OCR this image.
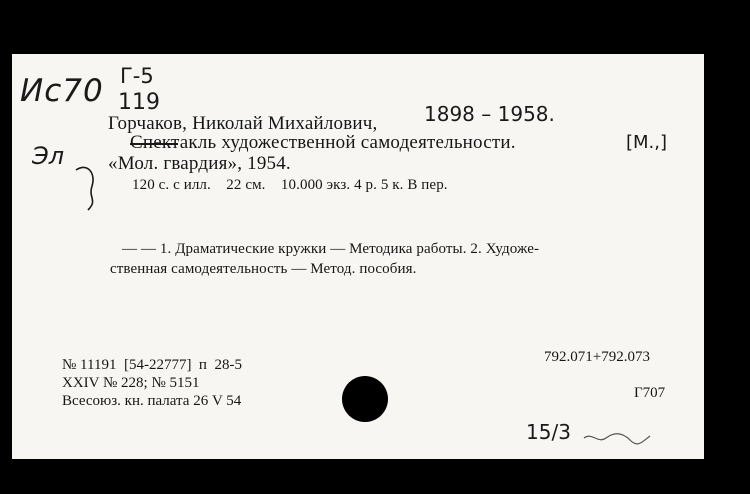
Ис70 Г-5
119
Эл
Горчаков, Николай Михайлович, 1898 – 1958.
Спектакль художественной самодеятельности.	[М.,]
«Мол. гвардия», 1954.
120 с. с илл.    22 см.    10.000 экз. 4 р. 5 к. В пер.
— — 1. Драматические кружки — Методика работы. 2. Художе-
ственная самодеятельность — Метод. пособия.
№ 11191  [54-22777]  п  28-5
XXIV № 228; № 5151
Всесоюз. кн. палата 26 V 54
792.071+792.073
Г707
15/3
